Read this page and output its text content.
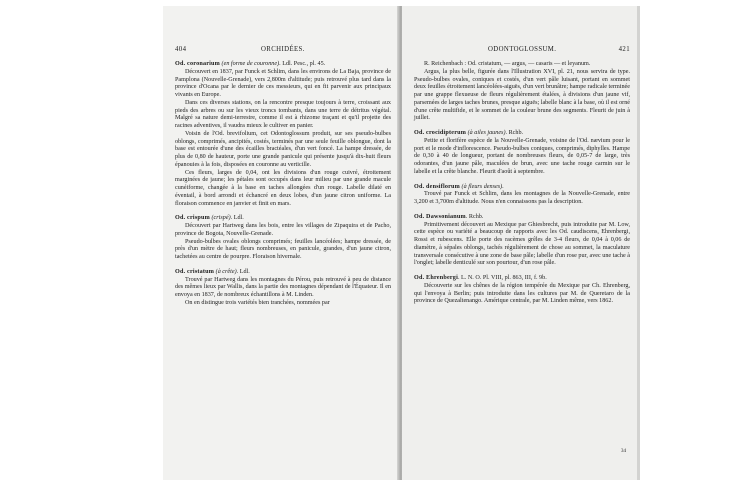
404	ORCHIDÉES.
Od. coronarium (en forme de couronne). Ldl. Pesc., pl. 45.

Découvert en 1837, par Funck et Schlim, dans les environs de La Baja, province de Pamplona (Nouvelle-Grenade), vers 2,800m d'altitude; puis retrouvé plus tard dans la province d'Ocana par le dernier de ces messieurs, qui en fit parvenir aux principaux vivants en Europe.

Dans ces diverses stations, on la rencontre presque toujours à terre, croissant aux pieds des arbres ou sur les vieux troncs tombants, dans une terre de détritus végétal. Malgré sa nature demi-terrestre, comme il est à rhizome traçant et qu'il projette des racines adventives, il vaudra mieux le cultiver en panier.

Voisin de l'Od. brevifolium, cet Odontoglossum produit, sur ses pseudo-bulbes oblongs, comprimés, ancipités, costés, terminés par une seule feuille oblongue, dont la base est entourée d'une des écailles bractéales, d'un vert foncé. La hampe dressée, de plus de 0,80 de hauteur, porte une grande panicule qui présente jusqu'à dix-huit fleurs épanouies à la fois, disposées en couronne au verticille.

Ces fleurs, larges de 0,04, ont les divisions d'un rouge cuivré, étroitement marginées de jaune; les pétales sont occupés dans leur milieu par une grande macule cunéiforme, changée à la base en taches allongées d'un rouge. Labelle dilaté en éventail, à bord arrondi et échancré en deux lobes, d'un jaune citron uniforme. La floraison commence en janvier et finit en mars.

Od. crispum (crispé). Ldl.

Découvert par Hartweg dans les bois, entre les villages de Zipaquira et de Pacho, province de Bogota, Nouvelle-Grenade.

Pseudo-bulbes ovales oblongs comprimés; feuilles lancéolées; hampe dressée, de près d'un mètre de haut; fleurs nombreuses, en panicule, grandes, d'un jaune citron, tachetées au centre de pourpre. Floraison hivernale.

Od. cristatum (à crête). Ldl.

Trouvé par Hartweg dans les montagnes du Pérou, puis retrouvé à peu de distance des mêmes lieux par Wallis, dans la partie des montagnes dépendant de l'Équateur. Il en envoya en 1837, de nombreux échantillons à M. Linden.

On en distingue trois variétés bien tranchées, nommées par

ODONTOGLOSSUM.	421

R. Reichenbach : Od. cristatum, — argus, — casaris — et leyanum.

Argus, la plus belle, figurée dans l'Illustration XVI, pl. 21, nous servira de type. Pseudo-bulbes ovales, coniques et costés, d'un vert pâle luisant, portant en sommet deux feuilles étroitement lancéolées-aiguës, d'un vert brunâtre; hampe radicale terminée par une grappe flexueuse de fleurs régulièrement étalées, à divisions d'un jaune vif, parsemées de larges taches brunes, presque aiguës; labelle blanc à la base, où il est orné d'une crête multifide, et le sommet de la couleur brune des segments. Fleurit de juin à juillet.

Od. crocidipterum (à ailes jaunes). Rchb.

Petite et florifère espèce de la Nouvelle-Grenade, voisine de l'Od. nævium pour le port et le mode d'inflorescence. Pseudo-bulbes coniques, comprimés, diphylles. Hampe de 0,30 à 40 de longueur, portant de nombreuses fleurs, de 0,05-7 de large, très odorantes, d'un jaune pâle, maculées de brun, avec une tache rouge carmin sur le labelle et la crête blanche. Fleurit d'août à septembre.

Od. densiflorum (à fleurs denses).

Trouvé par Funck et Schlim, dans les montagnes de la Nouvelle-Grenade, entre 3,200 et 3,700m d'altitude. Nous n'en connaissons pas la description.

Od. Dawsonianum. Rchb.

Primitivement découvert au Mexique par Ghiesbrecht, puis introduite par M. Low, cette espèce ou variété a beaucoup de rapports avec les Od. caudiscens, Ehrenbergi, Rossi et rubescens. Elle porte des racèmes grêles de 3-4 fleurs, de 0,04 à 0,06 de diamètre, à sépales oblongs, tachés régulièrement de chose au sommet, la maculature transversale consécutive à une zone de base pâle; labelle d'un rose pur, avec une tache à l'onglet; labelle denticulé sur son pourtour, d'un rose pâle.

Od. Ehrenbergi. L. N. O. Pl. VIII, pl. 863, III, f. 9b.

Découverte sur les chênes de la région tempérée du Mexique par Ch. Ehrenberg, qui l'envoya à Berlin; puis introduite dans les cultures par M. de Queretaro de la province de Quezaltenango. Amérique centrale, par M. Linden même, vers 1862.

34
